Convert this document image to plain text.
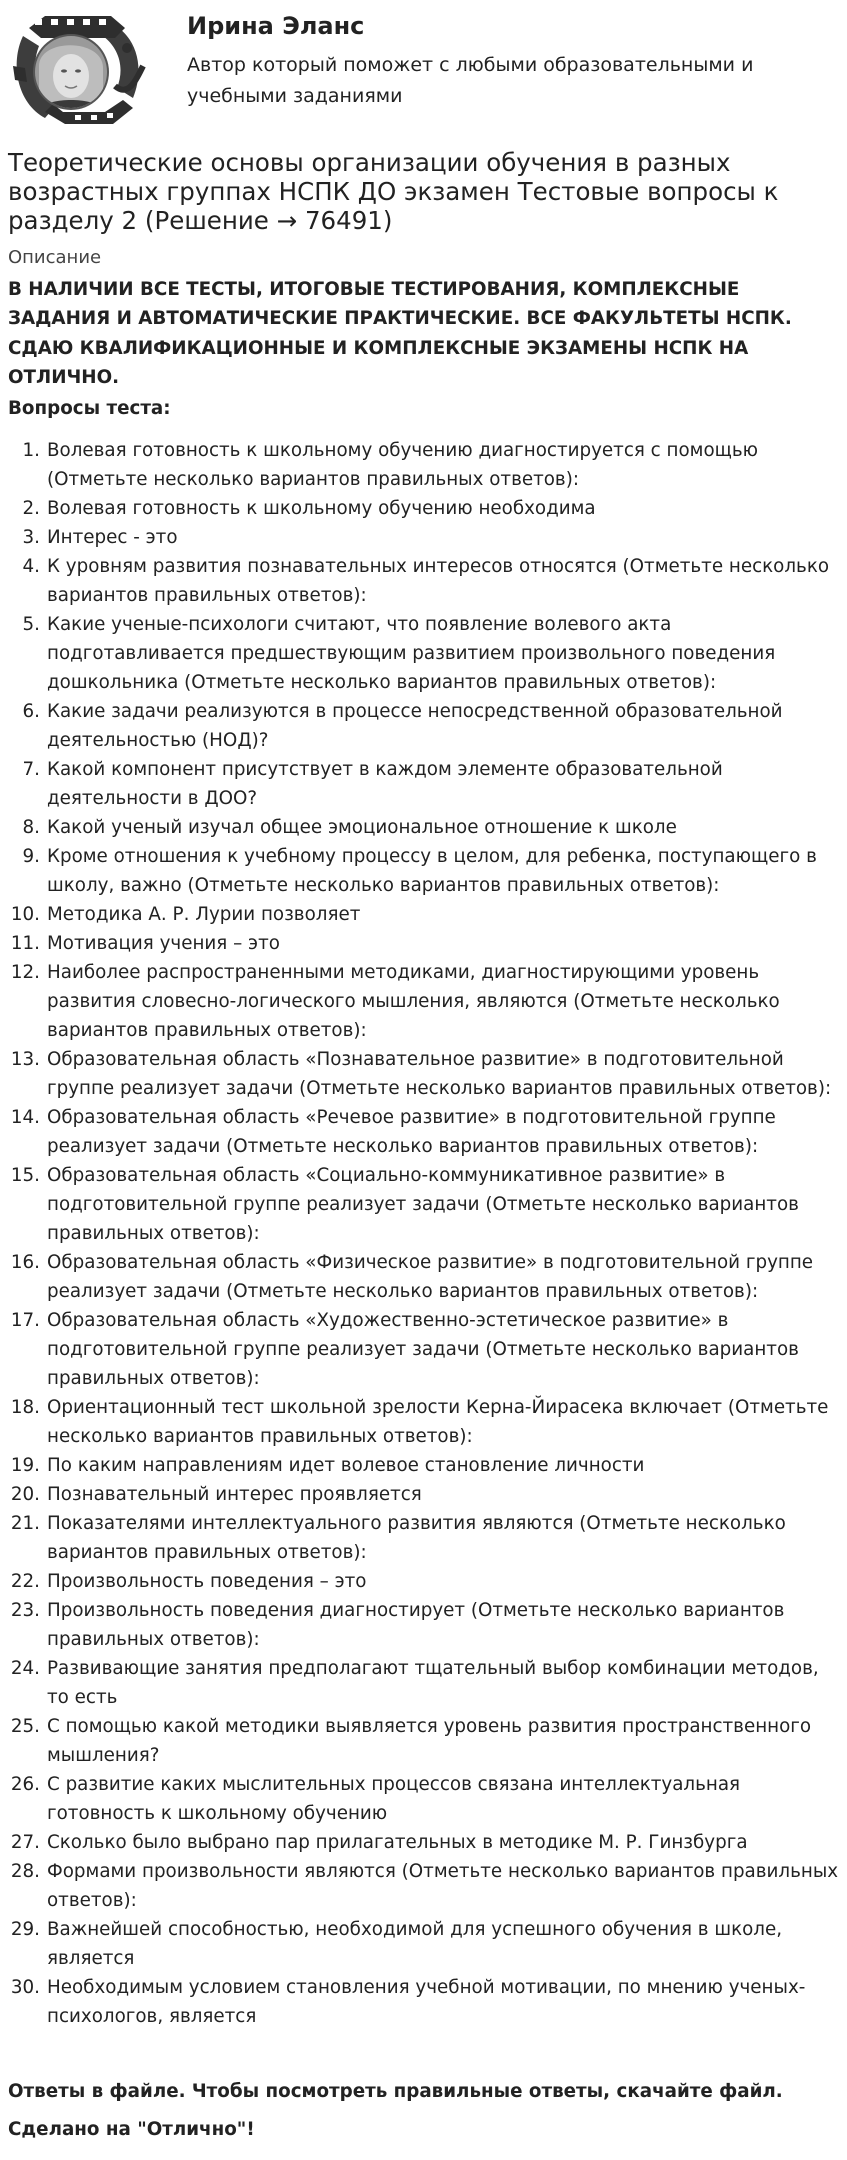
Ирина Эланс
Автор который поможет с любыми образовательными и учебными заданиями
Теоретические основы организации обучения в разных возрастных группах НСПК ДО экзамен Тестовые вопросы к разделу 2 (Решение → 76491)

Описание

В НАЛИЧИИ ВСЕ ТЕСТЫ, ИТОГОВЫЕ ТЕСТИРОВАНИЯ, КОМПЛЕКСНЫЕ ЗАДАНИЯ И АВТОМАТИЧЕСКИЕ ПРАКТИЧЕСКИЕ. ВСЕ ФАКУЛЬТЕТЫ НСПК. СДАЮ КВАЛИФИКАЦИОННЫЕ И КОМПЛЕКСНЫЕ ЭКЗАМЕНЫ НСПК НА ОТЛИЧНО.

Вопросы теста:

1. Волевая готовность к школьному обучению диагностируется с помощью (Отметьте несколько вариантов правильных ответов):
2. Волевая готовность к школьному обучению необходима
3. Интерес - это
4. К уровням развития познавательных интересов относятся (Отметьте несколько вариантов правильных ответов):
5. Какие ученые-психологи считают, что появление волевого акта подготавливается предшествующим развитием произвольного поведения дошкольника (Отметьте несколько вариантов правильных ответов):
6. Какие задачи реализуются в процессе непосредственной образовательной деятельностью (НОД)?
7. Какой компонент присутствует в каждом элементе образовательной деятельности в ДОО?
8. Какой ученый изучал общее эмоциональное отношение к школе
9. Кроме отношения к учебному процессу в целом, для ребенка, поступающего в школу, важно (Отметьте несколько вариантов правильных ответов):
10. Методика А. Р. Лурии позволяет
11. Мотивация учения – это
12. Наиболее распространенными методиками, диагностирующими уровень развития словесно-логического мышления, являются (Отметьте несколько вариантов правильных ответов):
13. Образовательная область «Познавательное развитие» в подготовительной группе реализует задачи (Отметьте несколько вариантов правильных ответов):
14. Образовательная область «Речевое развитие» в подготовительной группе реализует задачи (Отметьте несколько вариантов правильных ответов):
15. Образовательная область «Социально-коммуникативное развитие» в подготовительной группе реализует задачи (Отметьте несколько вариантов правильных ответов):
16. Образовательная область «Физическое развитие» в подготовительной группе реализует задачи (Отметьте несколько вариантов правильных ответов):
17. Образовательная область «Художественно-эстетическое развитие» в подготовительной группе реализует задачи (Отметьте несколько вариантов правильных ответов):
18. Ориентационный тест школьной зрелости Керна-Йирасека включает (Отметьте несколько вариантов правильных ответов):
19. По каким направлениям идет волевое становление личности
20. Познавательный интерес проявляется
21. Показателями интеллектуального развития являются (Отметьте несколько вариантов правильных ответов):
22. Произвольность поведения – это
23. Произвольность поведения диагностирует (Отметьте несколько вариантов правильных ответов):
24. Развивающие занятия предполагают тщательный выбор комбинации методов, то есть
25. С помощью какой методики выявляется уровень развития пространственного мышления?
26. С развитие каких мыслительных процессов связана интеллектуальная готовность к школьному обучению
27. Сколько было выбрано пар прилагательных в методике М. Р. Гинзбурга
28. Формами произвольности являются (Отметьте несколько вариантов правильных ответов):
29. Важнейшей способностью, необходимой для успешного обучения в школе, является
30. Необходимым условием становления учебной мотивации, по мнению ученых-психологов, является

Ответы в файле. Чтобы посмотреть правильные ответы, скачайте файл.

Сделано на "Отлично"!
